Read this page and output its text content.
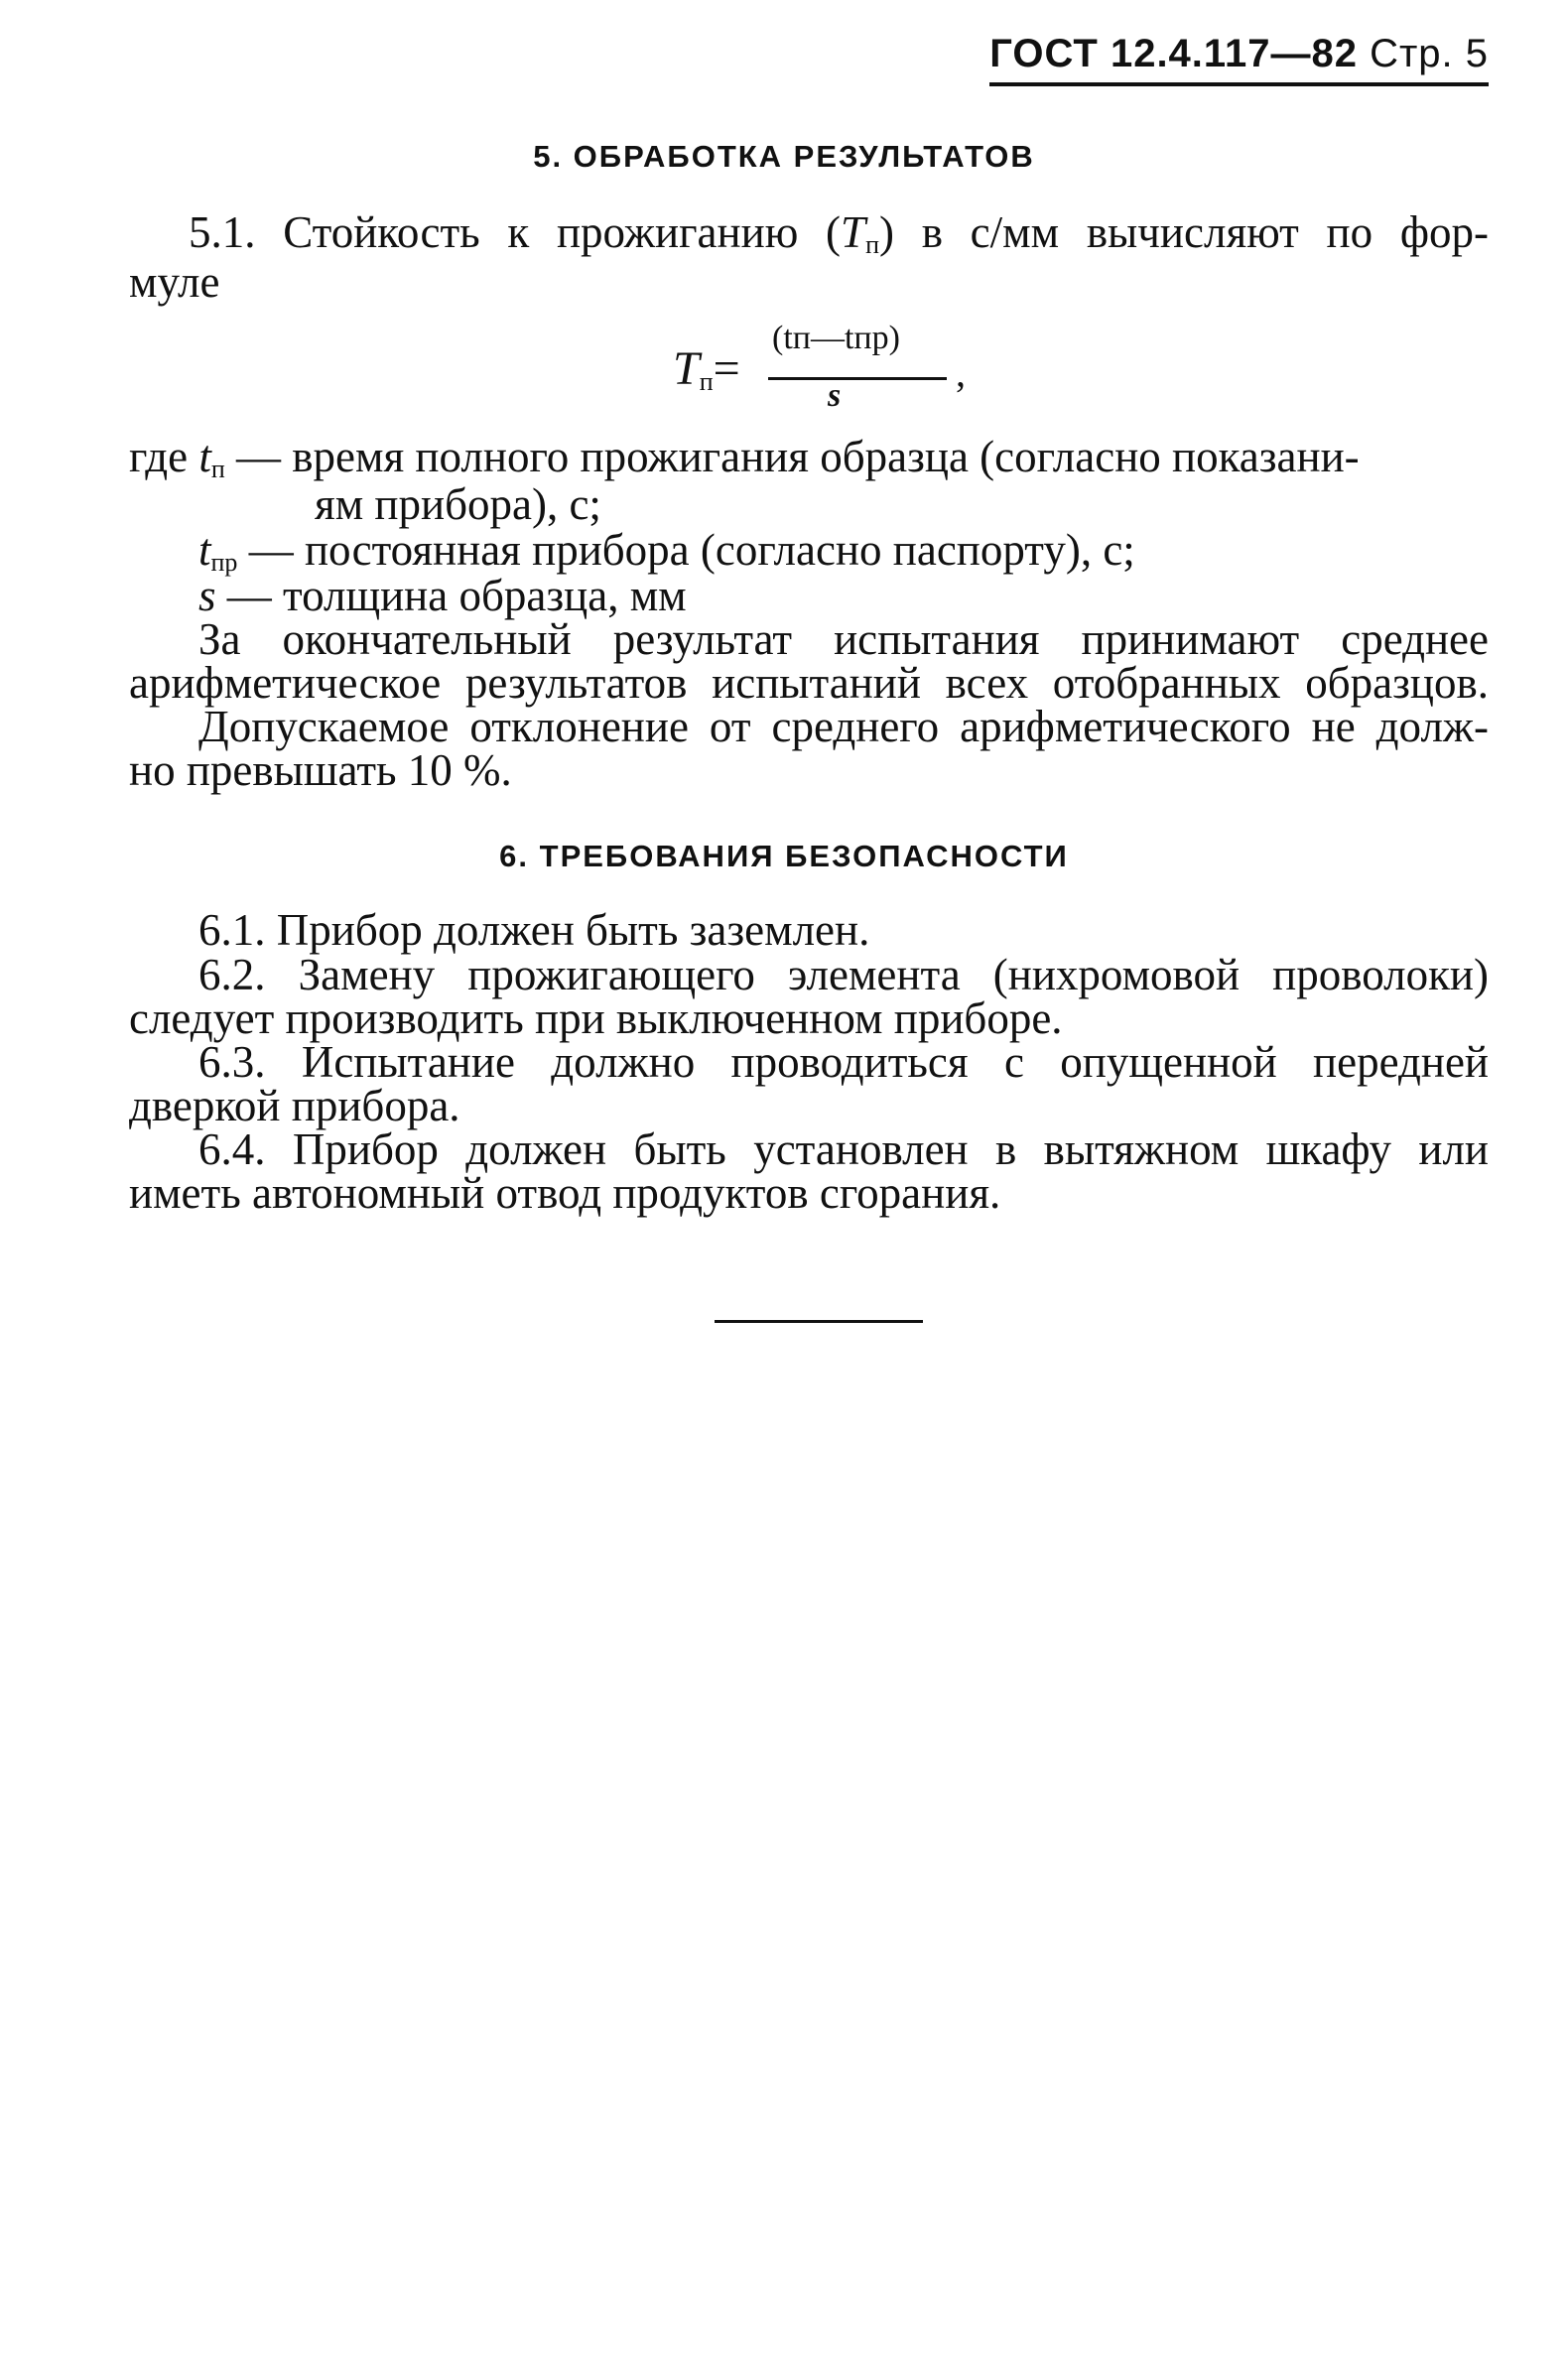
ГОСТ 12.4.117—82 Стр. 5
5. ОБРАБОТКА РЕЗУЛЬТАТОВ
5.1. Стойкость к прожиганию $(T_п)$ в с/мм вычисляют по фор-
муле
$T_п=$
(tп—tпр)
s
,
где $t_п$ — время полного прожигания образца (согласно показани-
ям прибора), с;
$t_{пр}$ — постоянная прибора (согласно паспорту), с;
s — толщина образца, мм
За окончательный результат испытания принимают среднее
арифметическое результатов испытаний всех отобранных образцов.
Допускаемое отклонение от среднего арифметического не долж-
но превышать 10 %.
6. ТРЕБОВАНИЯ БЕЗОПАСНОСТИ
6.1. Прибор должен быть заземлен.
6.2. Замену прожигающего элемента (нихромовой проволоки)
следует производить при выключенном приборе.
6.3. Испытание должно проводиться с опущенной передней
дверкой прибора.
6.4. Прибор должен быть установлен в вытяжном шкафу или
иметь автономный отвод продуктов сгорания.
